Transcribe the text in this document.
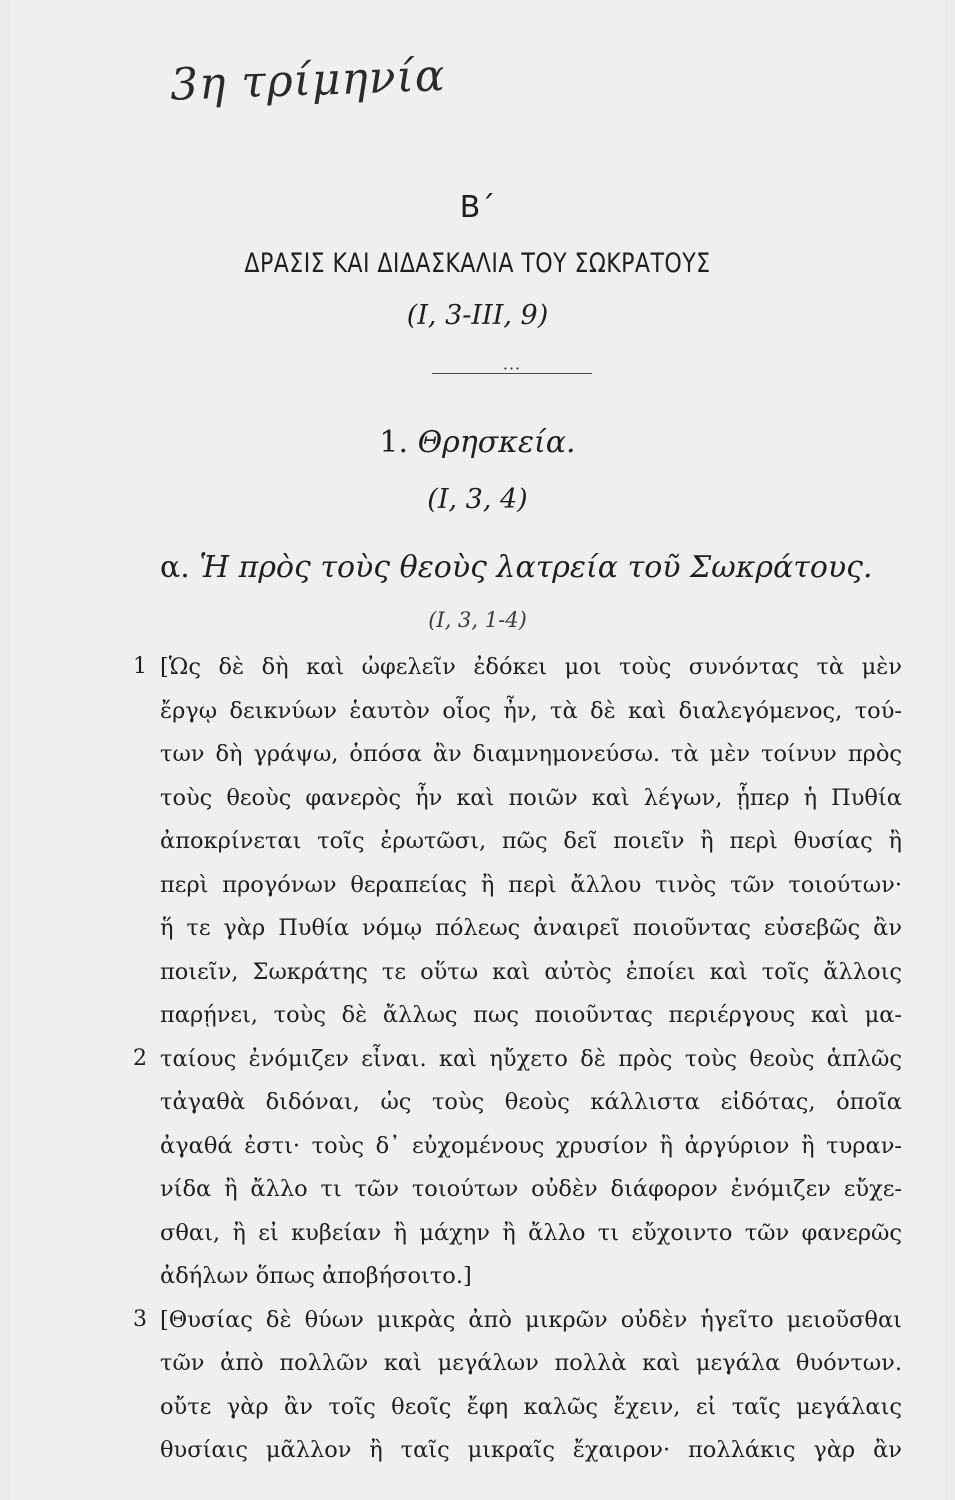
3η τρίμηνία
B΄
ΔΡΑΣΙΣ ΚΑΙ ΔΙΔΑΣΚΑΛΙΑ ΤΟΥ ΣΩΚΡΑΤΟΥΣ
(I, 3-III, 9)
···
1. Θρησκεία.
(I, 3, 4)
α. Ἡ πρὸς τοὺς θεοὺς λατρεία τοῦ Σωκράτους.
(I, 3, 1-4)
1
2
3
[Ὡς δὲ δὴ καὶ ὠφελεῖν ἐδόκει μοι τοὺς συνόντας τὰ μὲν
ἔργῳ δεικνύων ἑαυτὸν οἷος ἦν, τὰ δὲ καὶ διαλεγόμενος, τού-
των δὴ γράψω, ὁπόσα ἂν διαμνημονεύσω. τὰ μὲν τοίνυν πρὸς
τοὺς θεοὺς φανερὸς ἦν καὶ ποιῶν καὶ λέγων, ᾗπερ ἡ Πυθία
ἀποκρίνεται τοῖς ἐρωτῶσι, πῶς δεῖ ποιεῖν ἢ περὶ θυσίας ἢ
περὶ προγόνων θεραπείας ἢ περὶ ἄλλου τινὸς τῶν τοιούτων·
ἥ τε γὰρ Πυθία νόμῳ πόλεως ἀναιρεῖ ποιοῦντας εὐσεβῶς ἂν
ποιεῖν, Σωκράτης τε οὕτω καὶ αὐτὸς ἐποίει καὶ τοῖς ἄλλοις
παρῄνει, τοὺς δὲ ἄλλως πως ποιοῦντας περιέργους καὶ μα-
ταίους ἐνόμιζεν εἶναι. καὶ ηὔχετο δὲ πρὸς τοὺς θεοὺς ἁπλῶς
τἀγαθὰ διδόναι, ὡς τοὺς θεοὺς κάλλιστα εἰδότας, ὁποῖα
ἀγαθά ἐστι· τοὺς δ᾽ εὐχομένους χρυσίον ἢ ἀργύριον ἢ τυραν-
νίδα ἢ ἄλλο τι τῶν τοιούτων οὐδὲν διάφορον ἐνόμιζεν εὔχε-
σθαι, ἢ εἰ κυβείαν ἢ μάχην ἢ ἄλλο τι εὔχοιντο τῶν φανερῶς
ἀδήλων ὅπως ἀποβήσοιτο.]
[Θυσίας δὲ θύων μικρὰς ἀπὸ μικρῶν οὐδὲν ἡγεῖτο μειοῦσθαι
τῶν ἀπὸ πολλῶν καὶ μεγάλων πολλὰ καὶ μεγάλα θυόντων.
οὔτε γὰρ ἂν τοῖς θεοῖς ἔφη καλῶς ἔχειν, εἰ ταῖς μεγάλαις
θυσίαις μᾶλλον ἢ ταῖς μικραῖς ἔχαιρον· πολλάκις γὰρ ἂν
